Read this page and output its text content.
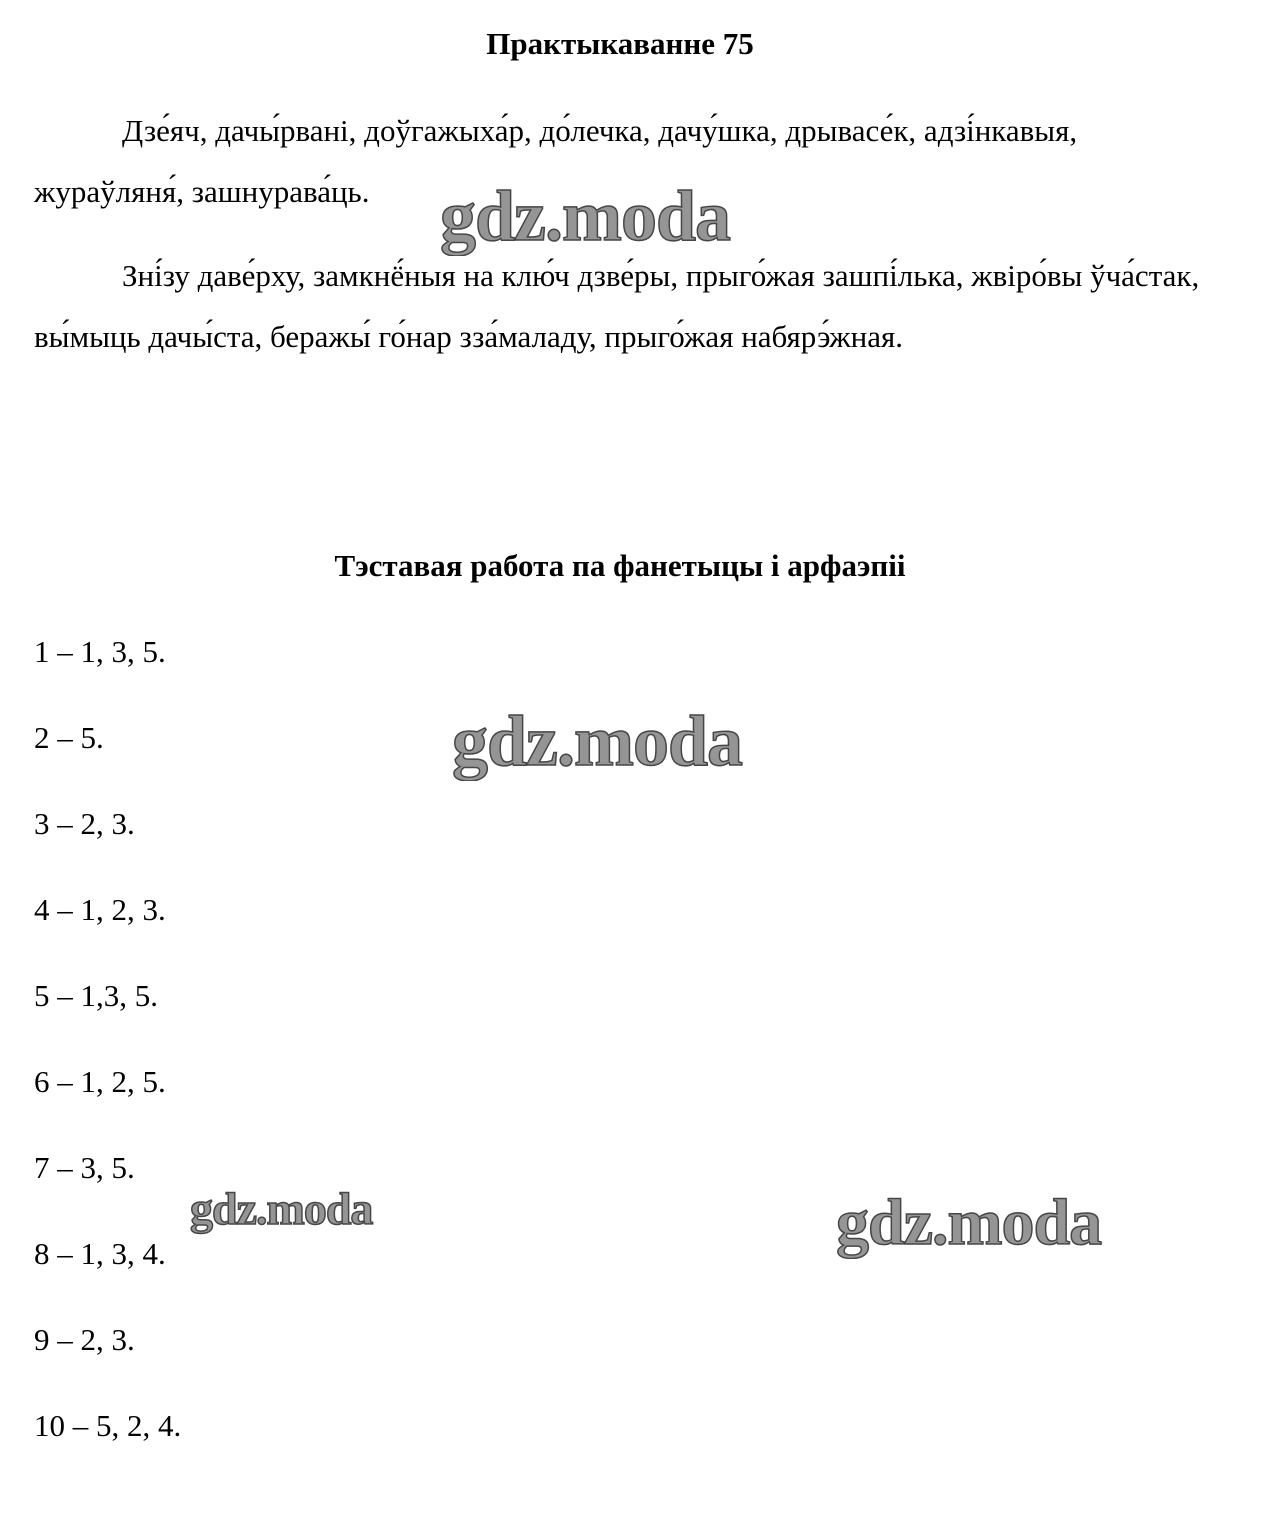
Практыкаванне 75

Дзе́яч, дачы́рвані, доўгажыха́р, до́лечка, дачу́шка, дрывасе́к, адзі́нкавыя, жураўляня́, зашнурава́ць.

Зні́зу даве́рху, замкнё́ныя на клю́ч дзве́ры, прыго́жая зашпі́лька, жвіро́вы ўча́стак, вы́мыць дачы́ста, беражы́ го́нар зза́маладу, прыго́жая набярэ́жная.

Тэставая работа па фанетыцы і арфаэпіі
1 – 1, 3, 5.
2 – 5.
3 – 2, 3.
4 – 1, 2, 3.
5 – 1,3, 5.
6 – 1, 2, 5.
7 – 3, 5.
8 – 1, 3, 4.
9 – 2, 3.
10 – 5, 2, 4.
gdz.moda
gdz.moda
gdz.moda	gdz.moda
